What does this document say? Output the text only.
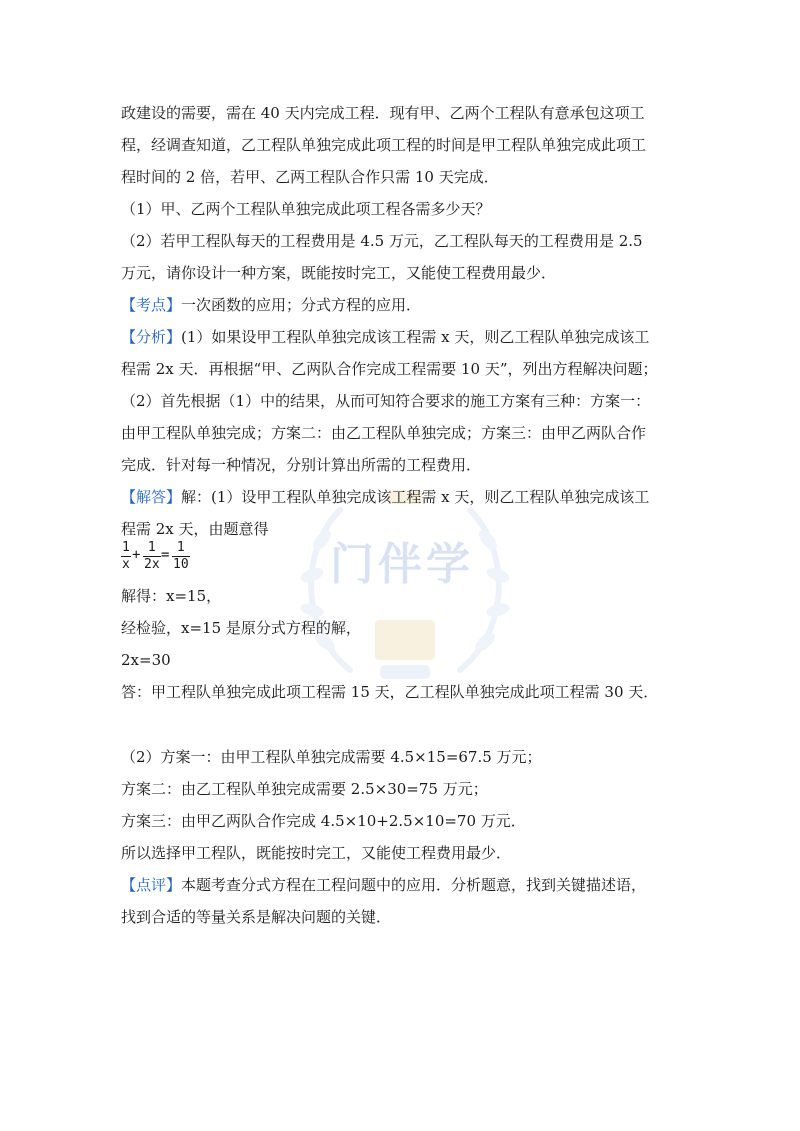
门伴学
政建设的需要，需在 40 天内完成工程．现有甲、乙两个工程队有意承包这项工
程，经调查知道，乙工程队单独完成此项工程的时间是甲工程队单独完成此项工
程时间的 2 倍，若甲、乙两工程队合作只需 10 天完成．
（1）甲、乙两个工程队单独完成此项工程各需多少天？
（2）若甲工程队每天的工程费用是 4.5 万元，乙工程队每天的工程费用是 2.5
万元，请你设计一种方案，既能按时完工，又能使工程费用最少．
【考点】一次函数的应用；分式方程的应用．
【分析】(1）如果设甲工程队单独完成该工程需 x 天，则乙工程队单独完成该工
程需 2x 天．再根据“甲、乙两队合作完成工程需要 10 天”，列出方程解决问题；
（2）首先根据（1）中的结果，从而可知符合要求的施工方案有三种：方案一：
由甲工程队单独完成；方案二：由乙工程队单独完成；方案三：由甲乙两队合作
完成．针对每一种情况，分别计算出所需的工程费用．
【解答】解：(1）设甲工程队单独完成该工程需 x 天，则乙工程队单独完成该工
程需 2x 天，由题意得
1
x
+ 1
2x
= 1
10
解得：x=15，
经检验，x=15 是原分式方程的解，
2x=30
答：甲工程队单独完成此项工程需 15 天，乙工程队单独完成此项工程需 30 天．
（2）方案一：由甲工程队单独完成需要 4.5×15=67.5 万元；
方案二：由乙工程队单独完成需要 2.5×30=75 万元；
方案三：由甲乙两队合作完成 4.5×10+2.5×10=70 万元．
所以选择甲工程队，既能按时完工，又能使工程费用最少．
【点评】本题考查分式方程在工程问题中的应用．分析题意，找到关键描述语，
找到合适的等量关系是解决问题的关键．
